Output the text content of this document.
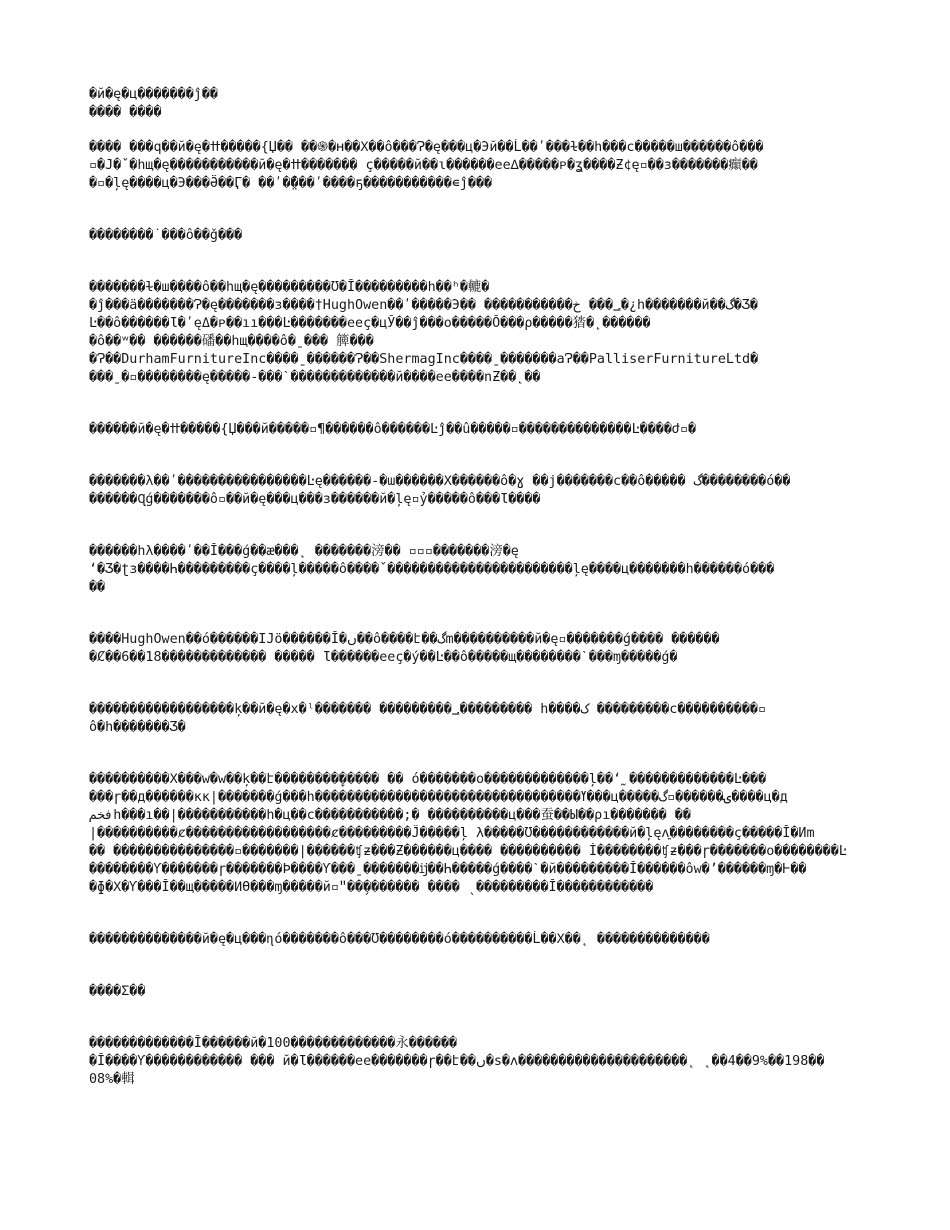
�й�ę�ц�������ĵ��
���� ����
���� ���q��й�ę�ߚ�����{Џ�� ��֍�ʜ��Χ��ô���Ɂ�ę���ц�Эй��Ĺ��ʹ���ɫ��h���c�����ш������ô���
▫�Ј�ˇ�hщ�ę�����������й�ę�ߚ������� ç�����й��ɩ������ее∆�����ᴘ�ʓ����Ƶ¢ę▫��ɜ�������癲��
�▫�ļę����ц�Э���Ӛ��Ӷ� ��ʹ�̤̈́���ʹ����ҕ�����������∊ĵ���
��������˙���ô��ǧ���
�������ɫ�ш����ô��hщ�ę���������Ʊ�Ĭ���������h��ʰ�轆�
�ĵ���ä�������Ɂ�ę�������ɜ����†HughOwen��ʹ�����Э�� �����������؀��� خ�¿h�������й��گ�Ʒ�
Ŀ��ô������Ɩ�ʹęΔ�ᴘ��ıı���Ŀ�������ееç�цЎ��ĵ���o�����Ŏ���ρ�����㹺�˛������
�ô��ʷ�� ������磻��hщ����ô�ˍ��� 簲���
�Ɂ��DurhamFurnitureInc����ˍ������Ɂ��ShermagInc����ˍ�������aɁ��PalliserFurnitureLtd�
���ˍ�▫��������ę�����-���ˋ�������������й����ее����nƵ��˛��
������й�ę�ߚ�����{Џ���й�����▫¶������ô������Ŀĵ��û�����▫��������������Ŀ����ժ▫�
�������λ��ʹ����������������Ŀę������-�ɯ������Χ������ô�ɣ ��ϳ�������с��ô����� گ��������ó��
������Ɋǵ�������ô▫��й�ę���ц���ɜ������й�ļę▫ỷ�����ô���Ɩ����
������hλ����ʹ��Ĭ���ǵ��æ���˛ �������滂�� ▫▫▫�������滂�ę
ʻ�Ʒ�ʈɜ����Һ���������ç����ļ�����ô����ˇ�����������������������ļę����ц�������h������ó���
��
����HughOwen��ó������IJö������Ĭ�ں��ô����է��گm����������й�ę▫�������ǵ���� ������
�Ȼ��6��18������������� ����� Ɩ������ееç�ý��Ŀ��ô�����щ��������ˋ���ɱ�����ǵ�
������������������ķ��й�ę�х�ˡ������� ���������؀��������� h����ک ���������с����������▫
ô�h�������Ʒ�
����������Χ���ԝ�ԝ��ķ��է��������̞����� �� ó�������o�������������ļ��ʻ˷�������������Ŀ���
���ɼ��д������кк|�������ǵ���h���������������������������������ߌ���ц�����ۍ������▫گ����ц�д
فخمh���ı��|�����������h�ц��с�����������;� ����������ц���蚕��Ы��ρı������� ��
|����������ȼ������������������ȼ���������Ĵ�����ļ λ�����Ʊ������������й�ļęʌ͍��������ç�����Ĭ�Иm
�� ���������������▫�������|������ʧƶ���Ƶ������ц���� ���������� İ��������ʧƶ���ɼ�������o��������Ŀ
��������Ƴ�������ɼ�������Þ����Ƴ���ˍ�������ĳ��Һ�����ǵ����ˋ�й���������Ĭ������ôԝ�ʼ������ɱ�Ⱶ��
�ɸ�Χ�Ƴ���Ĭ��щ�����ͶӨ���ɱ�����й▫ʺ��̗������� ���� ˎ���������Ĭ������������
��������������й�ę�ц���ɳó�������ô���Ʊ��������ó����������Ĺ��Χ��˛ ��������������
����Σ��
�������������Ĭ������й�100�������������永������
�Ĭ����Ƴ������������ ��� й�Ɩ������ее�������ɼ��է��ں�ѕ�ʌ���������������������˛ ˛��4��9%��198��
08%�輯
